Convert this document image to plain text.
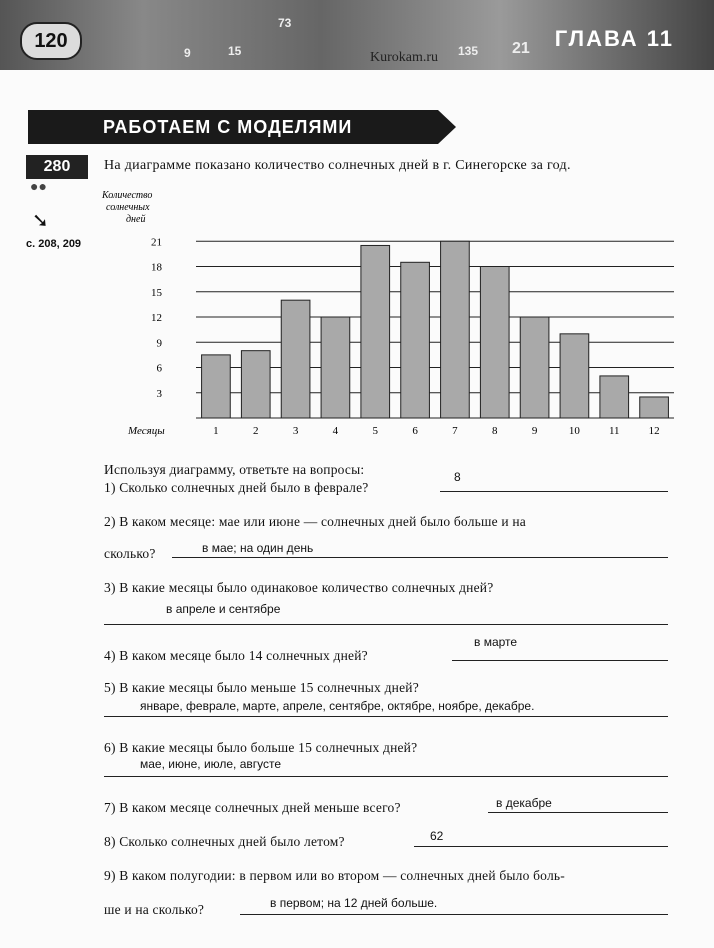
120
73
9	15	135 21
Kurokam.ru
ГЛАВА 11
РАБОТАЕМ С МОДЕЛЯМИ
280
●●
➘
с. 208, 209
На диаграмме показано количество солнечных дней в г. Синегорске за год.
Количество солнечных дней
3
6
9
12
15
18
21
1	2	3	4	5	6	7	8	9	10	11	12
Месяцы
Используя диаграмму, ответьте на вопросы:
1) Сколько солнечных дней было в феврале?
8
2) В каком месяце: мае или июне — солнечных дней было больше и на
сколько?	в мае; на один день
3) В какие месяцы было одинаковое количество солнечных дней?
в апреле и сентябре
4) В каком месяце было 14 солнечных дней?
в марте
5) В какие месяцы было меньше 15 солнечных дней?
январе, феврале, марте, апреле, сентябре, октябре, ноябре, декабре.
6) В какие месяцы было больше 15 солнечных дней?
мае, июне, июле, августе
7) В каком месяце солнечных дней меньше всего?	в декабре
8) Сколько солнечных дней было летом?	62
9) В каком полугодии: в первом или во втором — солнечных дней было боль-
ше и на сколько?	в первом; на 12 дней больше.
